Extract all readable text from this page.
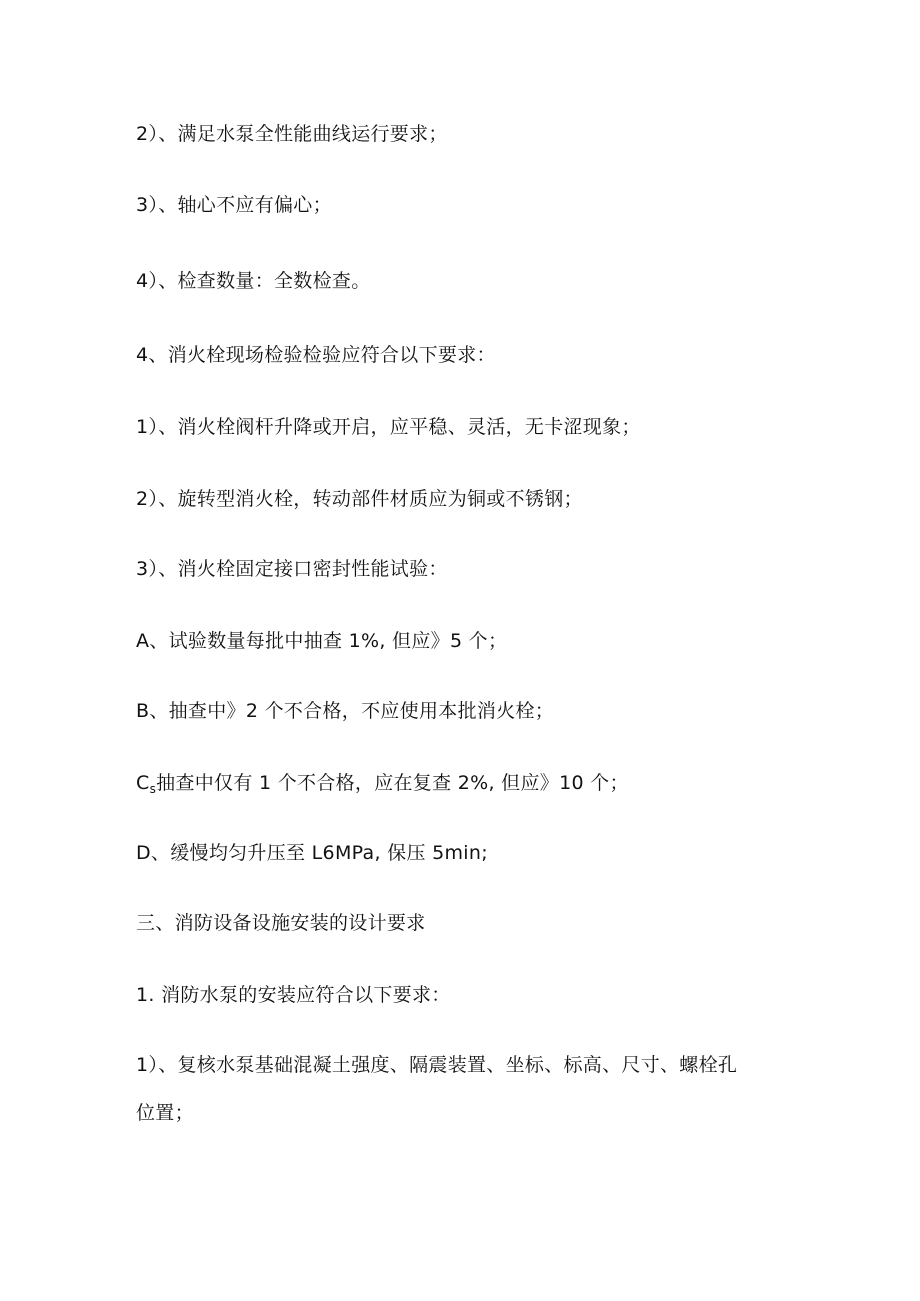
2）、满足水泵全性能曲线运行要求；
3）、轴心不应有偏心；
4）、检查数量：全数检查。
4、消火栓现场检验检验应符合以下要求：
1）、消火栓阀杆升降或开启，应平稳、灵活，无卡涩现象；
2）、旋转型消火栓，转动部件材质应为铜或不锈钢；
3）、消火栓固定接口密封性能试验：
A、试验数量每批中抽查 1%, 但应》5 个；
B、抽查中》2 个不合格，不应使用本批消火栓；
$C_s$抽查中仅有 1 个不合格，应在复查 2%, 但应》10 个；
D、缓慢均匀升压至 L6MPa, 保压 5min;
三、消防设备设施安装的设计要求
1. 消防水泵的安装应符合以下要求：
1）、复核水泵基础混凝土强度、隔震装置、坐标、标高、尺寸、螺栓孔
位置；
